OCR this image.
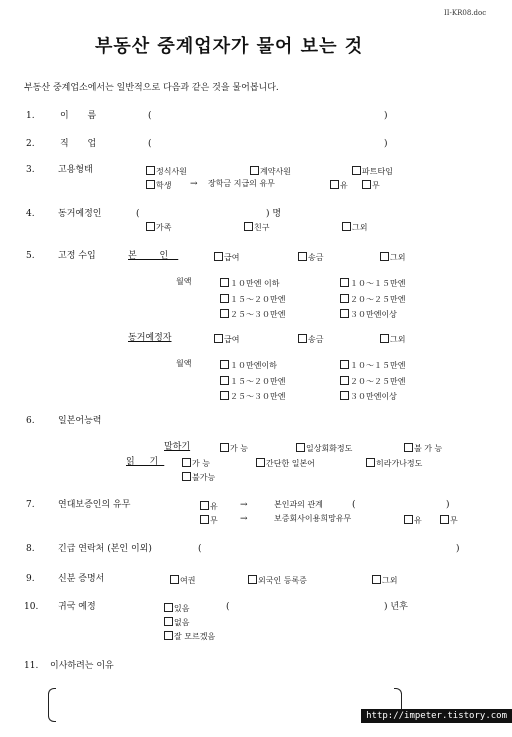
II-KR08.doc
부동산 중계업자가 물어 보는 것
부동산 중계업소에서는 일반적으로 다음과 같은 것을 물어봅니다.
1.	이 름	(	)
2.	직 업	(	)
3.	고용형태	정식사원	계약사원	파트타임
학생 → 장학금 지급의 유무	유	무
4.	동거예정인	(	) 명
가족	친구	그외
5.	고정 수입	본 인	급여	송금	그외
월액	１０만엔 이하	１０～１５만엔
１５～２０만엔	２０～２５만엔
２５～３０만엔	３０만엔이상
동거예정자	급여	송금	그외
월액	１０만엔이하	１０～１５만엔
１５～２０만엔	２０～２５만엔
２５～３０만엔	３０만엔이상
6.	일본어능력
말하기	가 능	일상회화정도	불 가 능
읽 기	가 능	간단한 일본어	히라가나정도
불가능
7.	연대보증인의 유무	유 →	본인과의 관계	(	)
무 →	보증회사이용희망유무	유	무
8.	긴급 연락처 (본인 이외)	(	)
9.	신분 증명서	여권	외국인 등록증	그외
10. 귀국 예정	있음	(	) 년후
없음
잘 모르겠음
11. 이사하려는 이유
http://impeter.tistory.com
